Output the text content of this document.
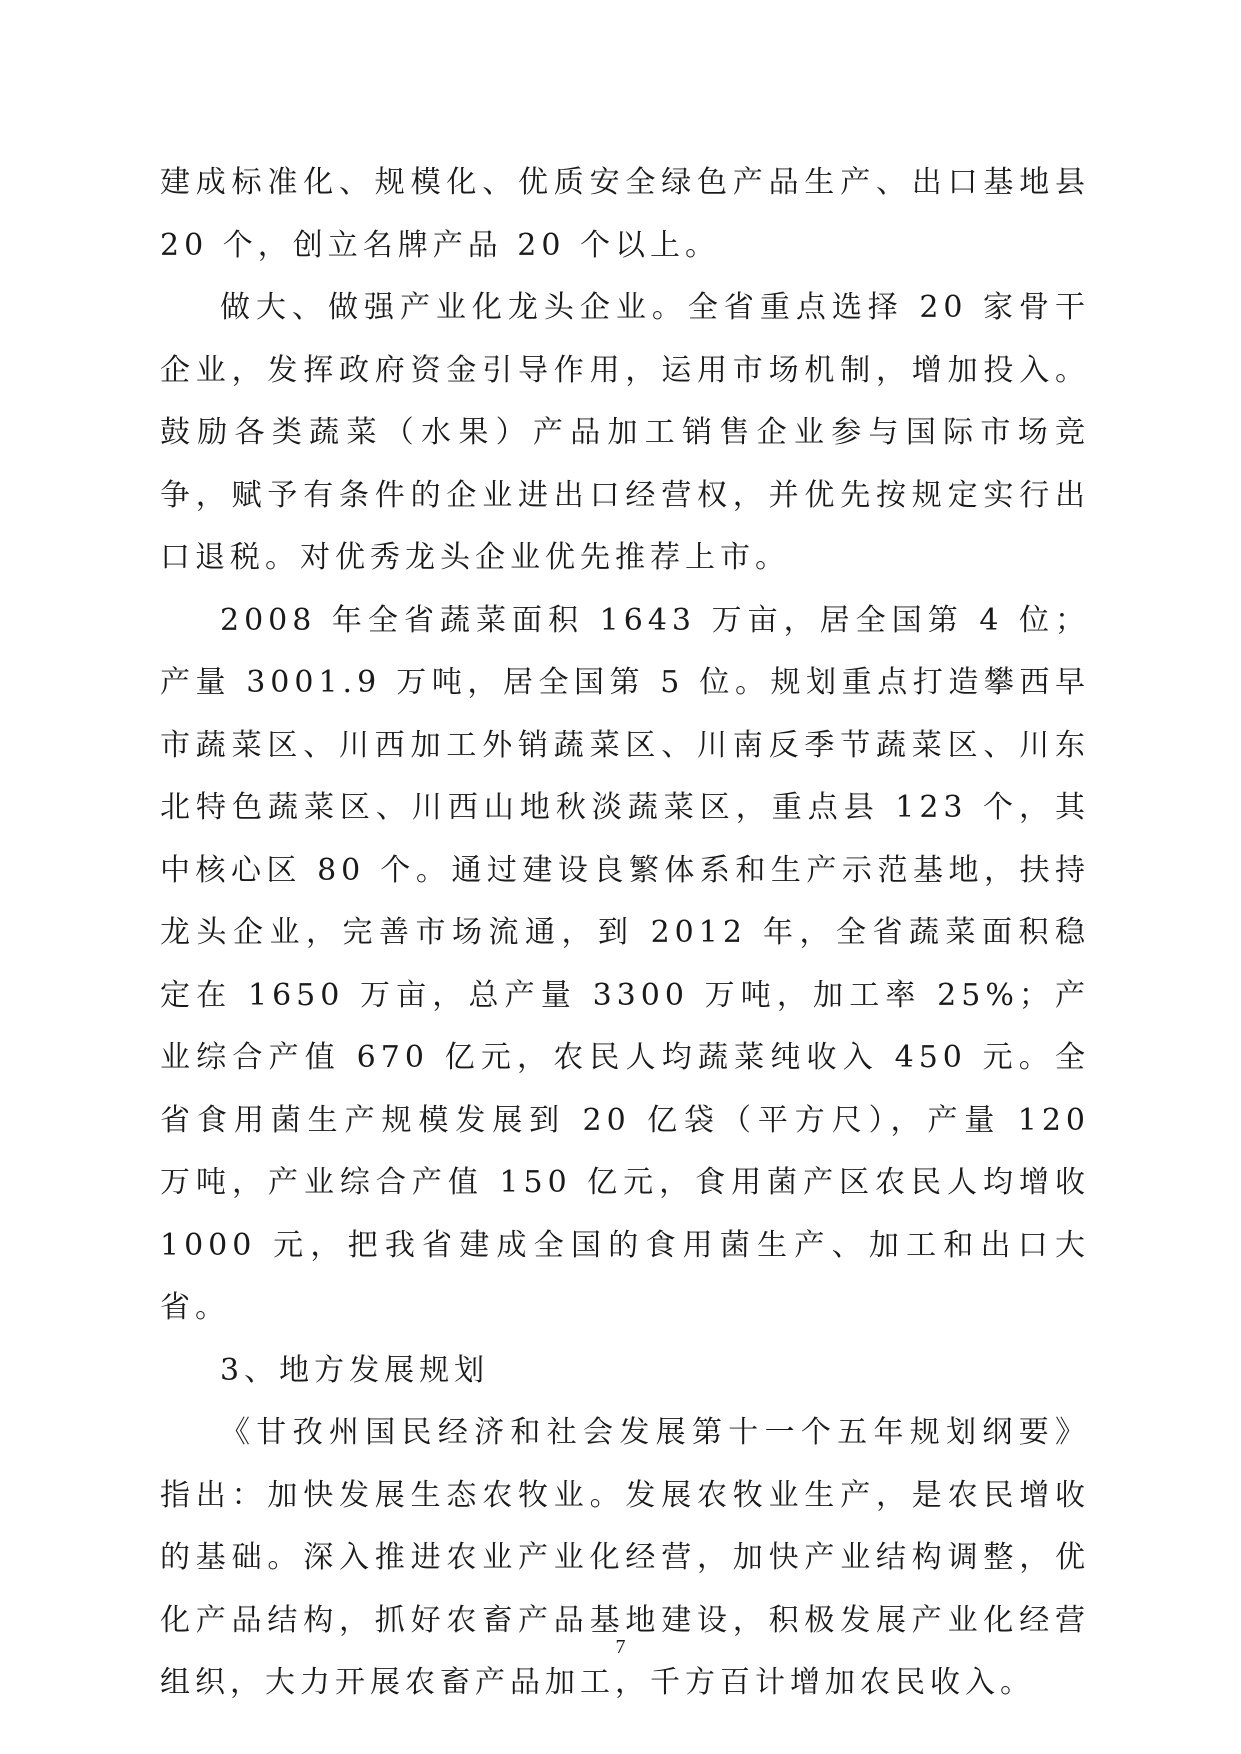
建成标准化、规模化、优质安全绿色产品生产、出口基地县 20 个，创立名牌产品 20 个以上。

做大、做强产业化龙头企业。全省重点选择 20 家骨干企业，发挥政府资金引导作用，运用市场机制，增加投入。鼓励各类蔬菜（水果）产品加工销售企业参与国际市场竞争，赋予有条件的企业进出口经营权，并优先按规定实行出口退税。对优秀龙头企业优先推荐上市。

2008 年全省蔬菜面积 1643 万亩，居全国第 4 位；产量 3001.9 万吨，居全国第 5 位。规划重点打造攀西早市蔬菜区、川西加工外销蔬菜区、川南反季节蔬菜区、川东北特色蔬菜区、川西山地秋淡蔬菜区，重点县 123 个，其中核心区 80 个。通过建设良繁体系和生产示范基地，扶持龙头企业，完善市场流通，到 2012 年，全省蔬菜面积稳定在 1650 万亩，总产量 3300 万吨，加工率 25%；产业综合产值 670 亿元，农民人均蔬菜纯收入 450 元。全省食用菌生产规模发展到 20 亿袋（平方尺），产量 120 万吨，产业综合产值 150 亿元，食用菌产区农民人均增收 1000 元，把我省建成全国的食用菌生产、加工和出口大省。

3、地方发展规划

《甘孜州国民经济和社会发展第十一个五年规划纲要》指出：加快发展生态农牧业。发展农牧业生产，是农民增收的基础。深入推进农业产业化经营，加快产业结构调整，优化产品结构，抓好农畜产品基地建设，积极发展产业化经营组织，大力开展农畜产品加工，千方百计增加农民收入。

7
